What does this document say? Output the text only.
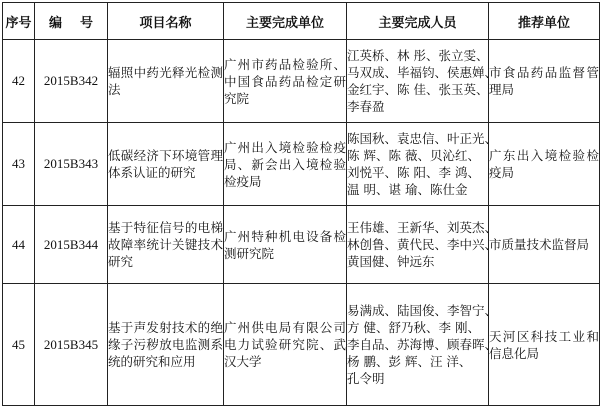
序号	编    号	项目名称	主要完成单位	主要完成人员	推荐单位
42	2015B342	辐照中药光释光检测法	广州市药品检验所、中国食品药品检定研究院	江英桥、林 彤、张立雯、
马双成、毕福钧、侯惠婵、
金红宇、陈 佳、张玉英、
李春盈	市食品药品监督管理局
43	2015B343	低碳经济下环境管理体系认证的研究	广州出入境检验检疫局、新会出入境检验检疫局	陈国秋、袁忠信、叶正光、
陈 辉、陈 薇、贝沁红、
刘悦平、陈 阳、李 鸿、
温 明、谌 瑜、陈仕金	广东出入境检验检疫局
44	2015B344	基于特征信号的电梯故障率统计关键技术研究	广州特种机电设备检测研究院	王伟雄、王新华、刘英杰、
林创鲁、黄代民、李中兴、
黄国健、钟远东	市质量技术监督局
45	2015B345	基于声发射技术的绝缘子污秽放电监测系统的研究和应用	广州供电局有限公司电力试验研究院、武汉大学	易满成、陆国俊、李智宁、
方 健、舒乃秋、李 刚、
李自品、苏海博、顾春晖、
杨 鹏、彭 辉、汪 洋、
孔令明	天河区科技工业和信息化局
